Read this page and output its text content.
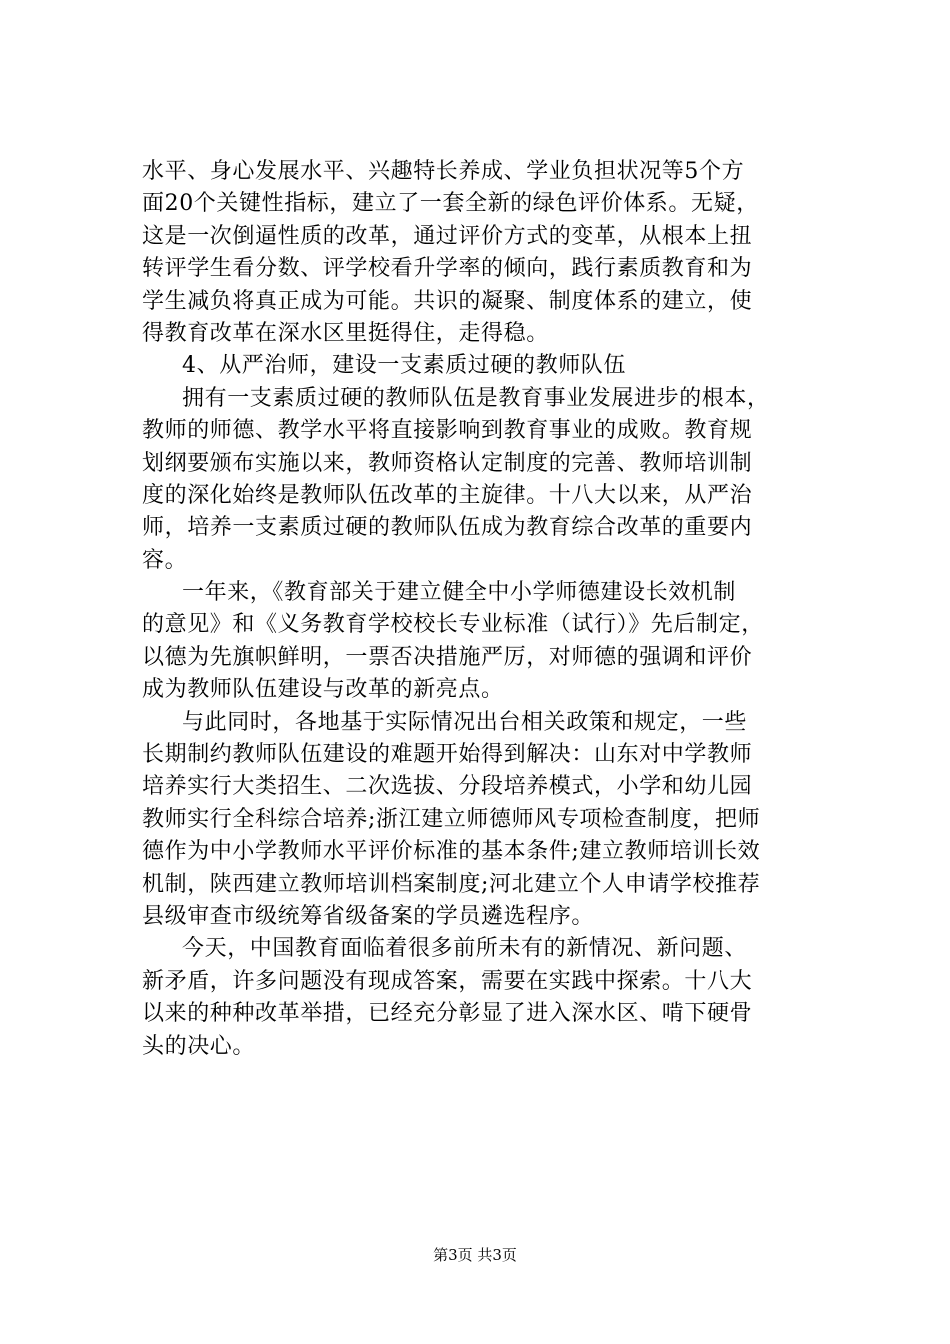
水平、身心发展水平、兴趣特长养成、学业负担状况等5个方
面20个关键性指标，建立了一套全新的绿色评价体系。无疑，
这是一次倒逼性质的改革，通过评价方式的变革，从根本上扭
转评学生看分数、评学校看升学率的倾向，践行素质教育和为
学生减负将真正成为可能。共识的凝聚、制度体系的建立，使
得教育改革在深水区里挺得住，走得稳。
4、从严治师，建设一支素质过硬的教师队伍
拥有一支素质过硬的教师队伍是教育事业发展进步的根本，
教师的师德、教学水平将直接影响到教育事业的成败。教育规
划纲要颁布实施以来，教师资格认定制度的完善、教师培训制
度的深化始终是教师队伍改革的主旋律。十八大以来，从严治
师，培养一支素质过硬的教师队伍成为教育综合改革的重要内
容。
一年来，《教育部关于建立健全中小学师德建设长效机制
的意见》和《义务教育学校校长专业标准（试行）》先后制定，
以德为先旗帜鲜明，一票否决措施严厉，对师德的强调和评价
成为教师队伍建设与改革的新亮点。
与此同时，各地基于实际情况出台相关政策和规定，一些
长期制约教师队伍建设的难题开始得到解决：山东对中学教师
培养实行大类招生、二次选拔、分段培养模式，小学和幼儿园
教师实行全科综合培养;浙江建立师德师风专项检查制度，把师
德作为中小学教师水平评价标准的基本条件;建立教师培训长效
机制，陕西建立教师培训档案制度;河北建立个人申请学校推荐
县级审查市级统筹省级备案的学员遴选程序。
今天，中国教育面临着很多前所未有的新情况、新问题、
新矛盾，许多问题没有现成答案，需要在实践中探索。十八大
以来的种种改革举措，已经充分彰显了进入深水区、啃下硬骨
头的决心。
第3页 共3页
